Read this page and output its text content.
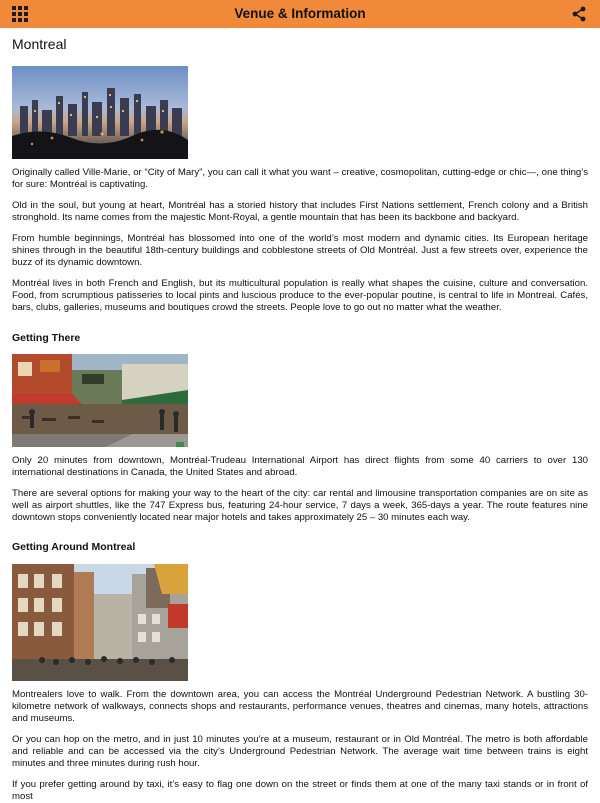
Venue & Information
Montreal

Originally called Ville-Marie, or “City of Mary”, you can call it what you want – creative, cosmopolitan, cutting-edge or chic—, one thing’s for sure: Montréal is captivating.

Old in the soul, but young at heart, Montréal has a storied history that includes First Nations settlement, French colony and a British stronghold. Its name comes from the majestic Mont-Royal, a gentle mountain that has been its backbone and backyard.

From humble beginnings, Montréal has blossomed into one of the world’s most modern and dynamic cities. Its European heritage shines through in the beautiful 18th-century buildings and cobblestone streets of Old Montréal. Just a few streets over, experience the buzz of its dynamic downtown.

Montréal lives in both French and English, but its multicultural population is really what shapes the cuisine, culture and conversation. Food, from scrumptious patisseries to local pints and luscious produce to the ever-popular poutine, is central to life in Montreal. Cafés, bars, clubs, galleries, museums and boutiques crowd the streets. People love to go out no matter what the weather.

Getting There

Only 20 minutes from downtown, Montréal-Trudeau International Airport has direct flights from some 40 carriers to over 130 international destinations in Canada, the United States and abroad.

There are several options for making your way to the heart of the city: car rental and limousine transportation companies are on site as well as airport shuttles, like the 747 Express bus, featuring 24-hour service, 7 days a week, 365-days a year. The route features nine downtown stops conveniently located near major hotels and takes approximately 25 – 30 minutes each way.

Getting Around Montreal

Montrealers love to walk. From the downtown area, you can access the Montréal Underground Pedestrian Network. A bustling 30-kilometre network of walkways, connects shops and restaurants, performance venues, theatres and cinemas, many hotels, attractions and museums.

Or you can hop on the metro, and in just 10 minutes you’re at a museum, restaurant or in Old Montréal. The metro is both affordable and reliable and can be accessed via the city’s Underground Pedestrian Network. The average wait time between trains is eight minutes and three minutes during rush hour.

If you prefer getting around by taxi, it’s easy to flag one down on the street or finds them at one of the many taxi stands or in front of most
